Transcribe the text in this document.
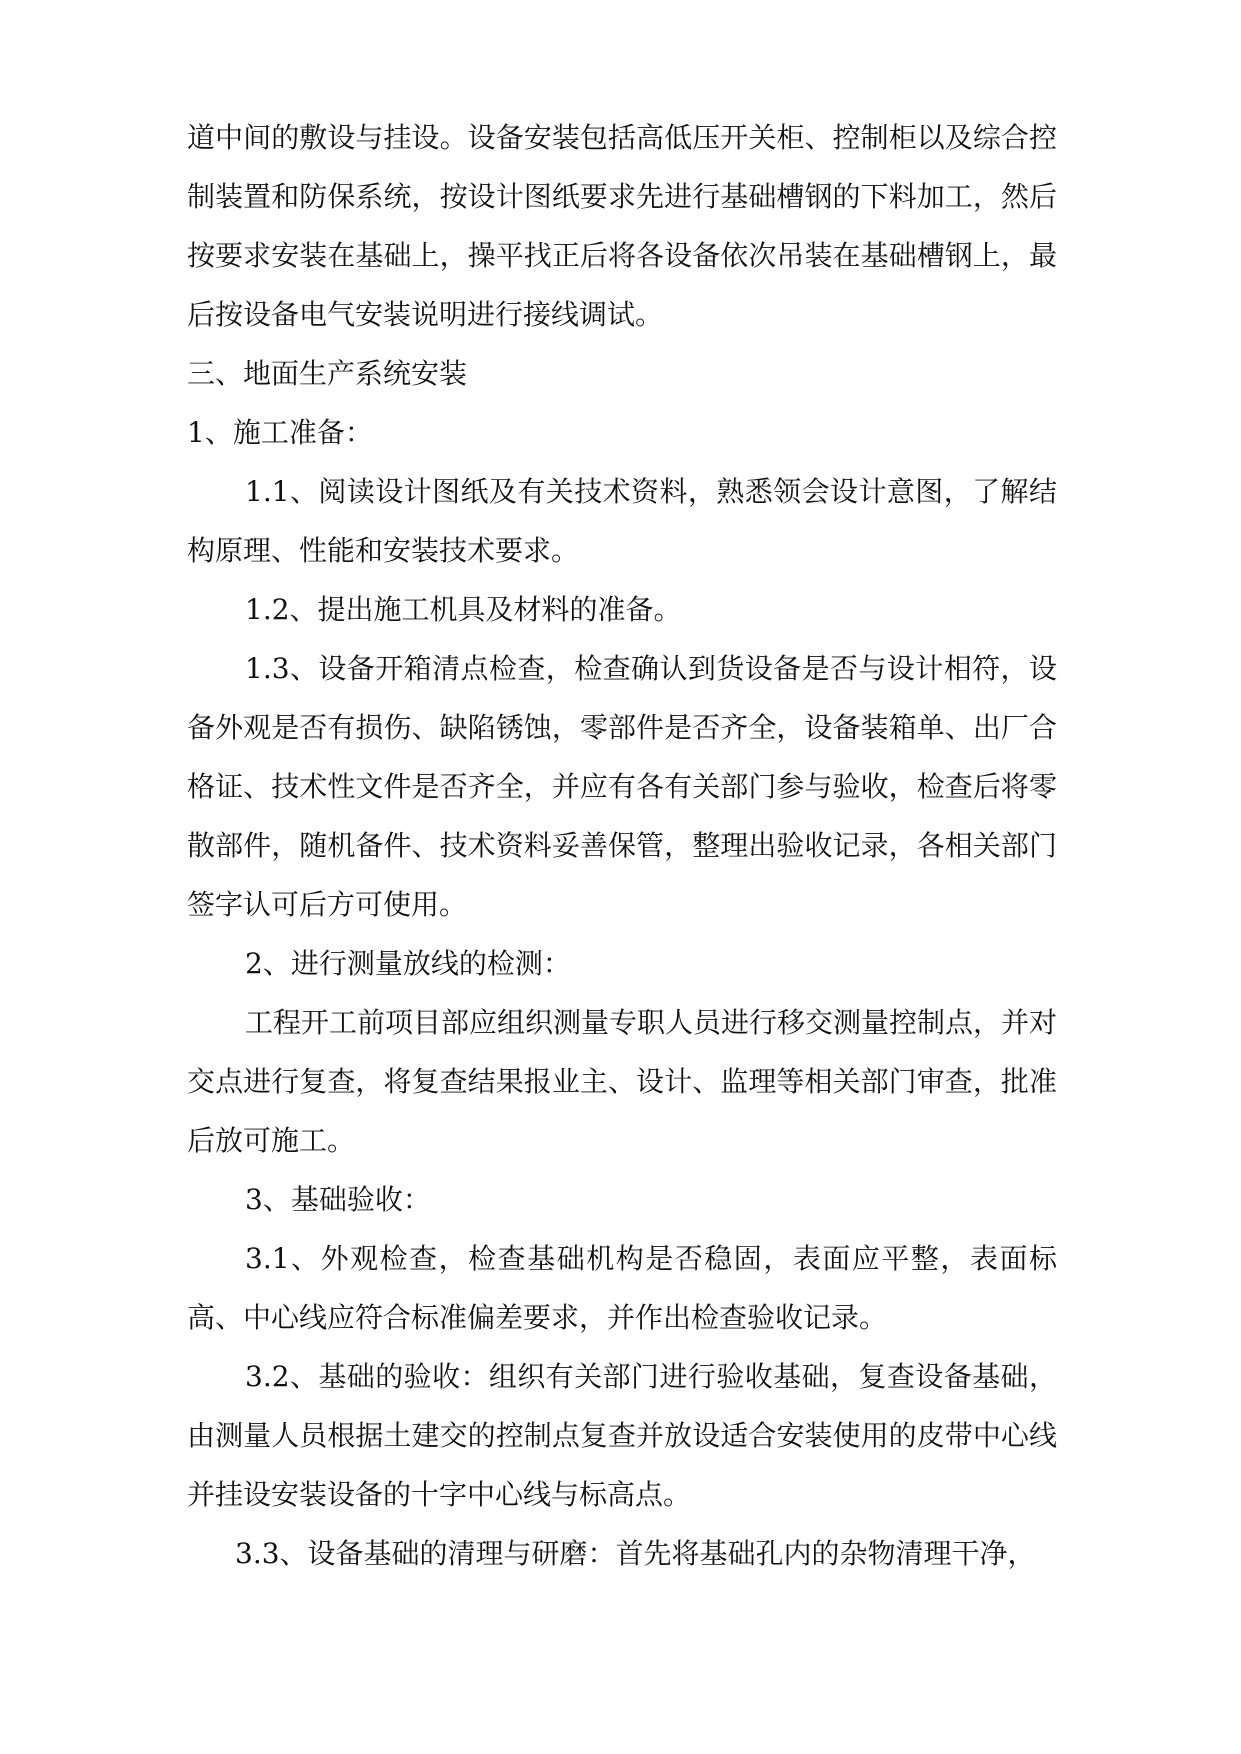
道中间的敷设与挂设。设备安装包括高低压开关柜、控制柜以及综合控制装置和防保系统，按设计图纸要求先进行基础槽钢的下料加工，然后按要求安装在基础上，操平找正后将各设备依次吊装在基础槽钢上，最后按设备电气安装说明进行接线调试。

三、地面生产系统安装

1、施工准备：

1.1、阅读设计图纸及有关技术资料，熟悉领会设计意图，了解结构原理、性能和安装技术要求。

1.2、提出施工机具及材料的准备。

1.3、设备开箱清点检查，检查确认到货设备是否与设计相符，设备外观是否有损伤、缺陷锈蚀，零部件是否齐全，设备装箱单、出厂合格证、技术性文件是否齐全，并应有各有关部门参与验收，检查后将零散部件，随机备件、技术资料妥善保管，整理出验收记录，各相关部门签字认可后方可使用。

2、进行测量放线的检测：

工程开工前项目部应组织测量专职人员进行移交测量控制点，并对交点进行复查，将复查结果报业主、设计、监理等相关部门审查，批准后放可施工。

3、基础验收：

3.1、外观检查，检查基础机构是否稳固，表面应平整，表面标高、中心线应符合标准偏差要求，并作出检查验收记录。

3.2、基础的验收：组织有关部门进行验收基础，复查设备基础，由测量人员根据土建交的控制点复查并放设适合安装使用的皮带中心线并挂设安装设备的十字中心线与标高点。

3.3、设备基础的清理与研磨：首先将基础孔内的杂物清理干净，
